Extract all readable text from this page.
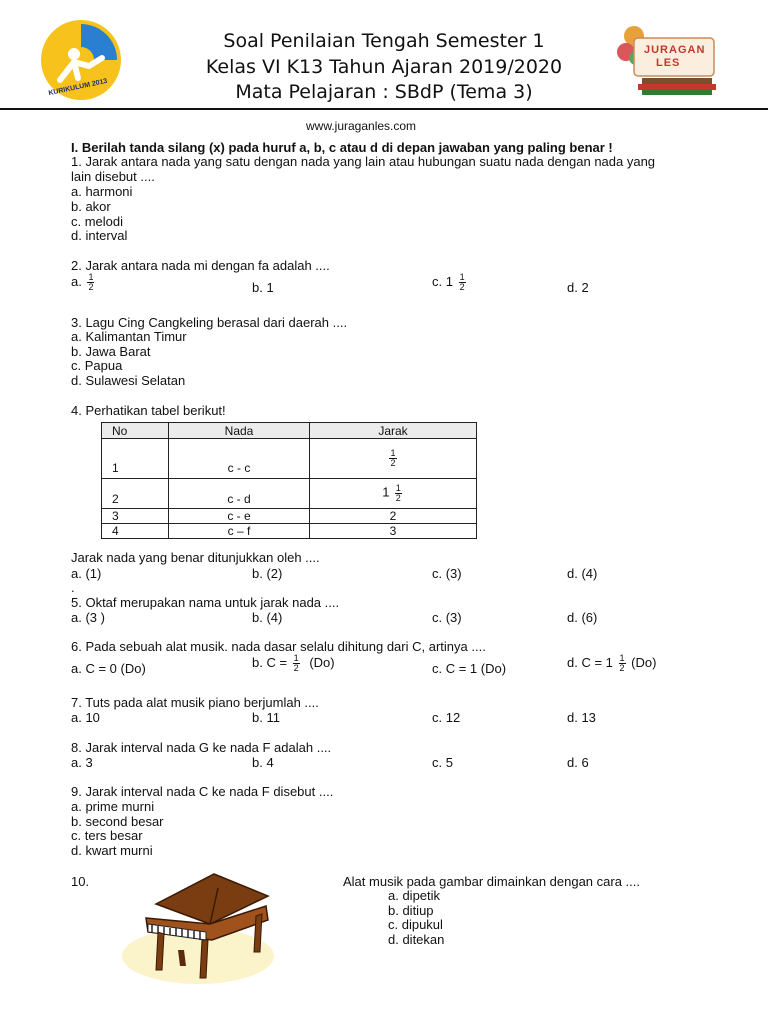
KURIKULUM 2013
Soal Penilaian Tengah Semester 1
Kelas VI K13 Tahun Ajaran 2019/2020
Mata Pelajaran : SBdP (Tema 3)
JURAGAN
LES
www.juraganles.com
I. Berilah tanda silang (x) pada huruf a, b, c atau d di depan jawaban yang paling benar !
1. Jarak antara nada yang satu dengan nada yang lain atau hubungan suatu nada dengan nada yang
lain disebut ....
a. harmoni
b. akor
c. melodi
d. interval
2. Jarak antara nada mi dengan fa adalah ....
a. $\frac{1}{2}$	b. 1	c. $1 \frac{1}{2}$	d. 2
3. Lagu Cing Cangkeling berasal dari daerah ....
a. Kalimantan Timur
b. Jawa Barat
c. Papua
d. Sulawesi Selatan
4. Perhatikan tabel berikut!
No	Nada	Jarak
1	c - c	$\frac{1}{2}$

2	c - d	$1 \frac{1}{2}$

3	c - e	2
4	c – f	3
Jarak nada yang benar ditunjukkan oleh ....
a. (1)	b. (2)	c. (3)	d. (4)
.
5. Oktaf merupakan nama untuk jarak nada ....
a. (3 )	b. (4)	c. (3)	d. (6)
6. Pada sebuah alat musik. nada dasar selalu dihitung dari C, artinya ....
a. C = 0 (Do)	b. $C = \frac{1}{2} (Do)$	c. C = 1 (Do)	d. $C = 1 \frac{1}{2} (Do)$
7. Tuts pada alat musik piano berjumlah ....
a. 10	b. 11	c. 12	d. 13
8. Jarak interval nada G ke nada F adalah ....
a. 3	b. 4	c. 5	d. 6
9. Jarak interval nada C ke nada F disebut ....
a. prime murni
b. second besar
c. ters besar
d. kwart murni
10.	Alat musik pada gambar dimainkan dengan cara ....
a. dipetik
b. ditiup
c. dipukul
d. ditekan
